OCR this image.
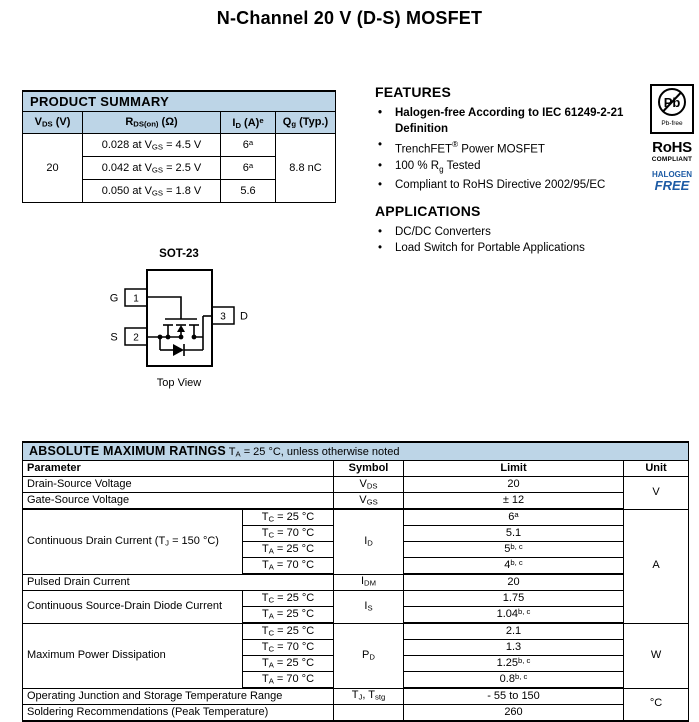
N-Channel 20 V (D-S) MOSFET
PRODUCT SUMMARY			
$V_{DS}$ (V)	$R_{DS(on)}$ (Ω)	$I_D$ $(A)^e$	$Q_g$ (Typ.)
20	0.028 at $V_{GS} = 4.5$ V	6$^a$	8.8 nC
	0.042 at $V_{GS} = 2.5$ V	6$^a$
	0.050 at $V_{GS} = 1.8$ V	5.6	
FEATURES
•	Halogen-free According to IEC 61249-2-21 Definition
•	TrenchFET® Power MOSFET
•	100 % $R_g$ Tested
•	Compliant to RoHS Directive 2002/95/EC
APPLICATIONS
•	DC/DC Converters
•	Load Switch for Portable Applications
Pb
Pb-free
RoHS
COMPLIANT
HALOGEN
FREE
SOT-23
1
G
2
S
3 D
Top View
ABSOLUTE MAXIMUM RATINGS $T_A = 25$ °C, unless otherwise noted				
Parameter		Symbol	Limit	Unit
Drain-Source Voltage		$V_{DS}$	20	V
Gate-Source Voltage		$V_{GS}$	± 12	
Continuous Drain Current ($T_J = 150$ °C)	$T_C = 25$ °C	$I_D$	6$^a$	A
	$T_C = 70$ °C		5.1	
	$T_A = 25$ °C		5$^{b, c}$
	$T_A = 70$ °C		4$^{b, c}$
Pulsed Drain Current		$I_{DM}$	20	
Continuous Source-Drain Diode Current	$T_C = 25$ °C	$I_S$	1.75	
	$T_A = 25$ °C		1.04$^{b, c}$
Maximum Power Dissipation	$T_C = 25$ °C	$P_D$	2.1	W
	$T_C = 70$ °C		1.3	
	$T_A = 25$ °C		1.25$^{b, c}$
	$T_A = 70$ °C		0.8$^{b, c}$
Operating Junction and Storage Temperature Range		$T_J$, $T_{stg}$	- 55 to 150	°C
Soldering Recommendations (Peak Temperature)			260	
